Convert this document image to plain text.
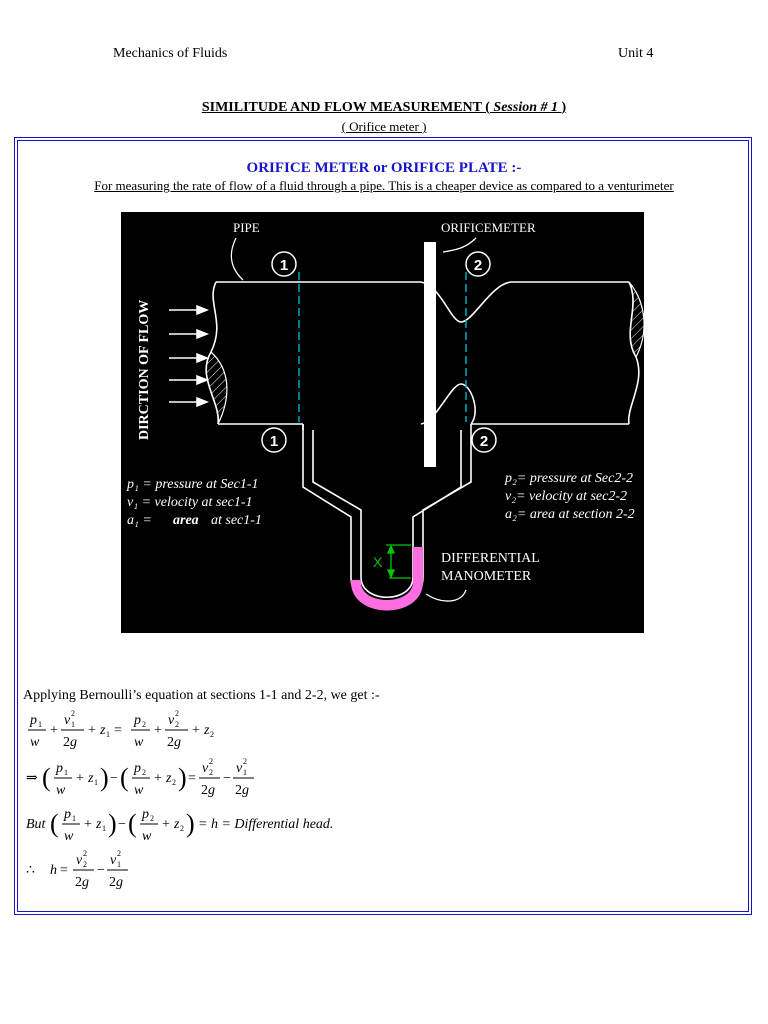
Mechanics of Fluids	Unit 4
SIMILITUDE AND FLOW MEASUREMENT ( Session # 1 )
( Orifice meter )
ORIFICE METER or ORIFICE PLATE :-
For measuring the rate of flow of a fluid through a pipe. This is a cheaper device as compared to a venturimeter
DIRCTION OF FLOW
PIPE	ORIFICEMETER
1	2
1	2
X	DIFFERENTIAL
MANOMETER
p₁ = pressure at Sec1-1
v₁ = velocity at sec1-1
a₁ = area at sec1-1
p₂= pressure at Sec2-2
v₂= velocity at sec2-2
a₂= area at section 2-2
Applying Bernoulli’s equation at sections 1-1 and 2-2, we get :-
p 1
w
+
v 1
2
2 g
+ z 1 =
p 2
w
+
v 2
2
2 g
+ z 2
⇒ ( p 1
w
+ z 1 ) − ( p 2
w
+ z 2 ) =
v 2
2
2 g
−
v 1
2
2 g
But ( p 1
w
+ z 1 ) − ( p 2
w
+ z 2 ) = h = Differential head.
∴ h =
v 2
2
2 g
−
v 1
2
2 g
